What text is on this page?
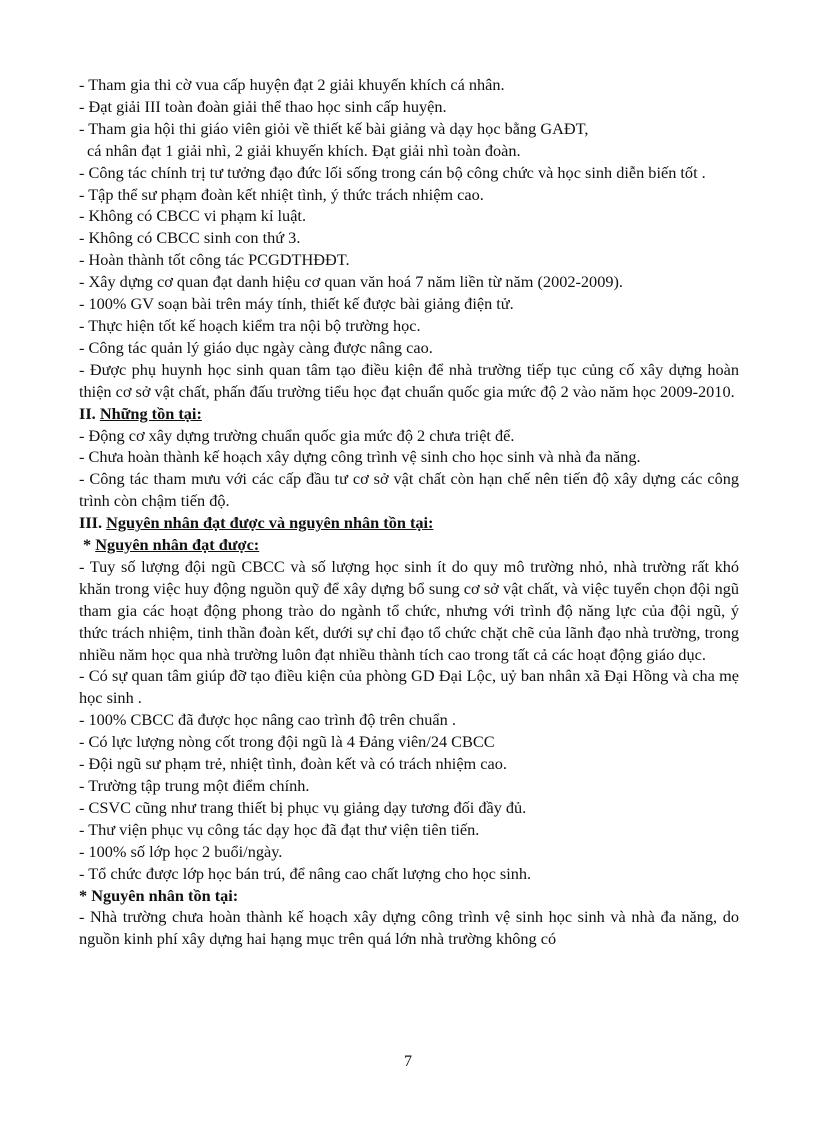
- Tham gia thi cờ vua cấp huyện đạt 2 giải khuyến khích cá nhân.

- Đạt giải III toàn đoàn giải thể thao học sinh cấp huyện.

- Tham gia hội thi giáo viên giỏi về thiết kế bài giảng và dạy học bằng GAĐT,

cá nhân đạt 1 giải nhì, 2 giải khuyến khích. Đạt giải nhì toàn đoàn.

- Công tác chính trị tư tưởng đạo đức lối sống trong cán bộ công chức và học sinh diễn biến tốt .

- Tập thể sư phạm đoàn kết nhiệt tình, ý thức trách nhiệm cao.

- Không có CBCC vi phạm kỉ luật.

- Không có CBCC sinh con thứ 3.

- Hoàn thành tốt công tác PCGDTHĐĐT.

- Xây dựng cơ quan đạt danh hiệu cơ quan văn hoá 7 năm liền từ năm (2002-2009).

- 100% GV soạn bài trên máy tính, thiết kế được bài giảng điện tử.

- Thực hiện tốt kế hoạch kiểm tra nội bộ trường học.

- Công tác quản lý giáo dục ngày càng được nâng cao.

- Được phụ huynh học sinh quan tâm tạo điều kiện để nhà trường tiếp tục củng cố xây dựng hoàn thiện cơ sở vật chất, phấn đấu trường tiểu học đạt chuẩn quốc gia mức độ 2 vào năm học 2009-2010.

II. Những tồn tại:

- Động cơ xây dựng trường chuẩn quốc gia mức độ 2 chưa triệt để.

- Chưa hoàn thành kế hoạch xây dựng công trình vệ sinh cho học sinh và nhà đa năng.

- Công tác tham mưu với các cấp đầu tư cơ sở vật chất còn hạn chế nên tiến độ xây dựng các công trình còn chậm tiến độ.

III. Nguyên nhân đạt được và nguyên nhân tồn tại:

* Nguyên nhân đạt được:

- Tuy số lượng đội ngũ CBCC và số lượng học sinh ít do quy mô trường nhỏ, nhà trường rất khó khăn trong việc huy động nguồn quỹ để xây dựng bổ sung cơ sở vật chất, và việc tuyển chọn đội ngũ tham gia các hoạt động phong trào do ngành tổ chức, nhưng với trình độ năng lực của đội ngũ, ý thức trách nhiệm, tinh thần đoàn kết, dưới sự chỉ đạo tổ chức chặt chẽ của lãnh đạo nhà trường, trong nhiều năm học qua nhà trường luôn đạt nhiều thành tích cao trong tất cả các hoạt động giáo dục.

- Có sự quan tâm giúp đỡ tạo điều kiện của phòng GD Đại Lộc, uỷ ban nhân xã Đại Hồng và cha mẹ học sinh .

- 100% CBCC đã được học nâng cao trình độ trên chuẩn .

- Có lực lượng nòng cốt trong đội ngũ là 4 Đảng viên/24 CBCC

- Đội ngũ sư phạm trẻ, nhiệt tình, đoàn kết và có trách nhiệm cao.

- Trường tập trung một điểm chính.

- CSVC cũng như trang thiết bị phục vụ giảng dạy tương đối đầy đủ.

- Thư viện phục vụ công tác dạy học đã đạt thư viện tiên tiến.

- 100% số lớp học 2 buổi/ngày.

- Tổ chức được lớp học bán trú, để nâng cao chất lượng cho học sinh.

* Nguyên nhân tồn tại:

- Nhà trường chưa hoàn thành kế hoạch xây dựng công trình vệ sinh học sinh và nhà đa năng, do nguồn kinh phí xây dựng hai hạng mục trên quá lớn nhà trường không có

7
